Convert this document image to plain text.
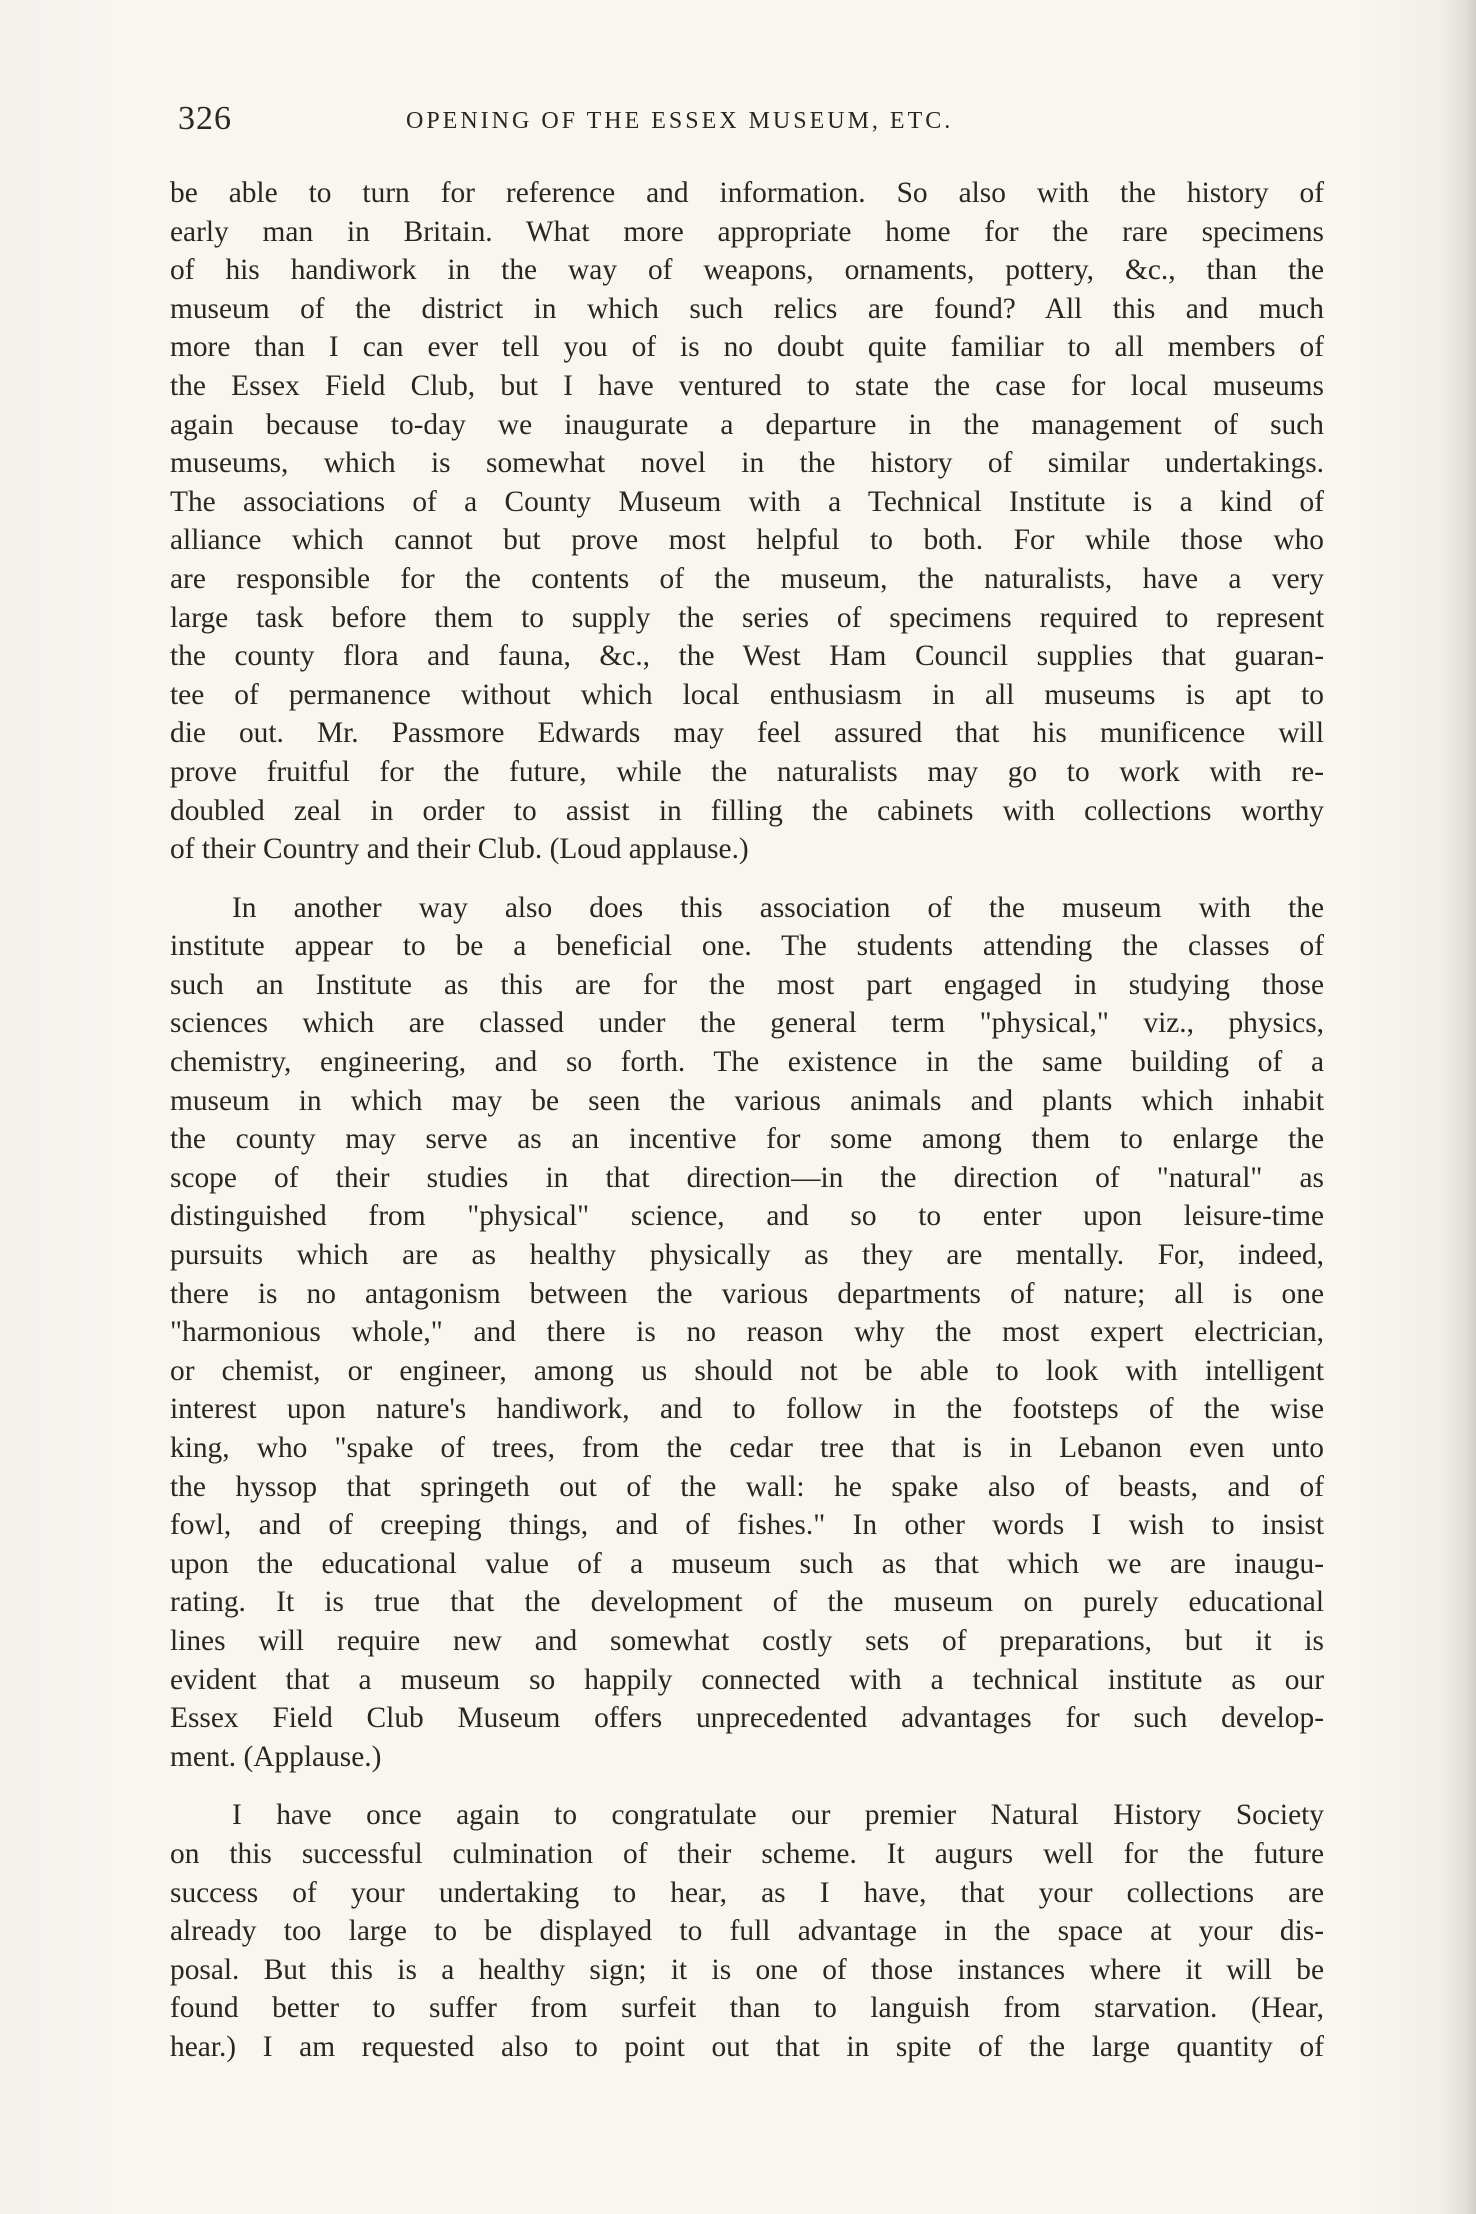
326	OPENING OF THE ESSEX MUSEUM, ETC.
be able to turn for reference and information. So also with the history of
early man in Britain. What more appropriate home for the rare specimens
of his handiwork in the way of weapons, ornaments, pottery, &c., than the
museum of the district in which such relics are found? All this and much
more than I can ever tell you of is no doubt quite familiar to all members of
the Essex Field Club, but I have ventured to state the case for local museums
again because to-day we inaugurate a departure in the management of such
museums, which is somewhat novel in the history of similar undertakings.
The associations of a County Museum with a Technical Institute is a kind of
alliance which cannot but prove most helpful to both. For while those who
are responsible for the contents of the museum, the naturalists, have a very
large task before them to supply the series of specimens required to represent
the county flora and fauna, &c., the West Ham Council supplies that guaran-
tee of permanence without which local enthusiasm in all museums is apt to
die out. Mr. Passmore Edwards may feel assured that his munificence will
prove fruitful for the future, while the naturalists may go to work with re-
doubled zeal in order to assist in filling the cabinets with collections worthy
of their Country and their Club. (Loud applause.)
In another way also does this association of the museum with the
institute appear to be a beneficial one. The students attending the classes of
such an Institute as this are for the most part engaged in studying those
sciences which are classed under the general term "physical," viz., physics,
chemistry, engineering, and so forth. The existence in the same building of a
museum in which may be seen the various animals and plants which inhabit
the county may serve as an incentive for some among them to enlarge the
scope of their studies in that direction—in the direction of "natural" as
distinguished from "physical" science, and so to enter upon leisure-time
pursuits which are as healthy physically as they are mentally. For, indeed,
there is no antagonism between the various departments of nature; all is one
"harmonious whole," and there is no reason why the most expert electrician,
or chemist, or engineer, among us should not be able to look with intelligent
interest upon nature's handiwork, and to follow in the footsteps of the wise
king, who "spake of trees, from the cedar tree that is in Lebanon even unto
the hyssop that springeth out of the wall: he spake also of beasts, and of
fowl, and of creeping things, and of fishes." In other words I wish to insist
upon the educational value of a museum such as that which we are inaugu-
rating. It is true that the development of the museum on purely educational
lines will require new and somewhat costly sets of preparations, but it is
evident that a museum so happily connected with a technical institute as our
Essex Field Club Museum offers unprecedented advantages for such develop-
ment. (Applause.)
I have once again to congratulate our premier Natural History Society
on this successful culmination of their scheme. It augurs well for the future
success of your undertaking to hear, as I have, that your collections are
already too large to be displayed to full advantage in the space at your dis-
posal. But this is a healthy sign; it is one of those instances where it will be
found better to suffer from surfeit than to languish from starvation. (Hear,
hear.) I am requested also to point out that in spite of the large quantity of
